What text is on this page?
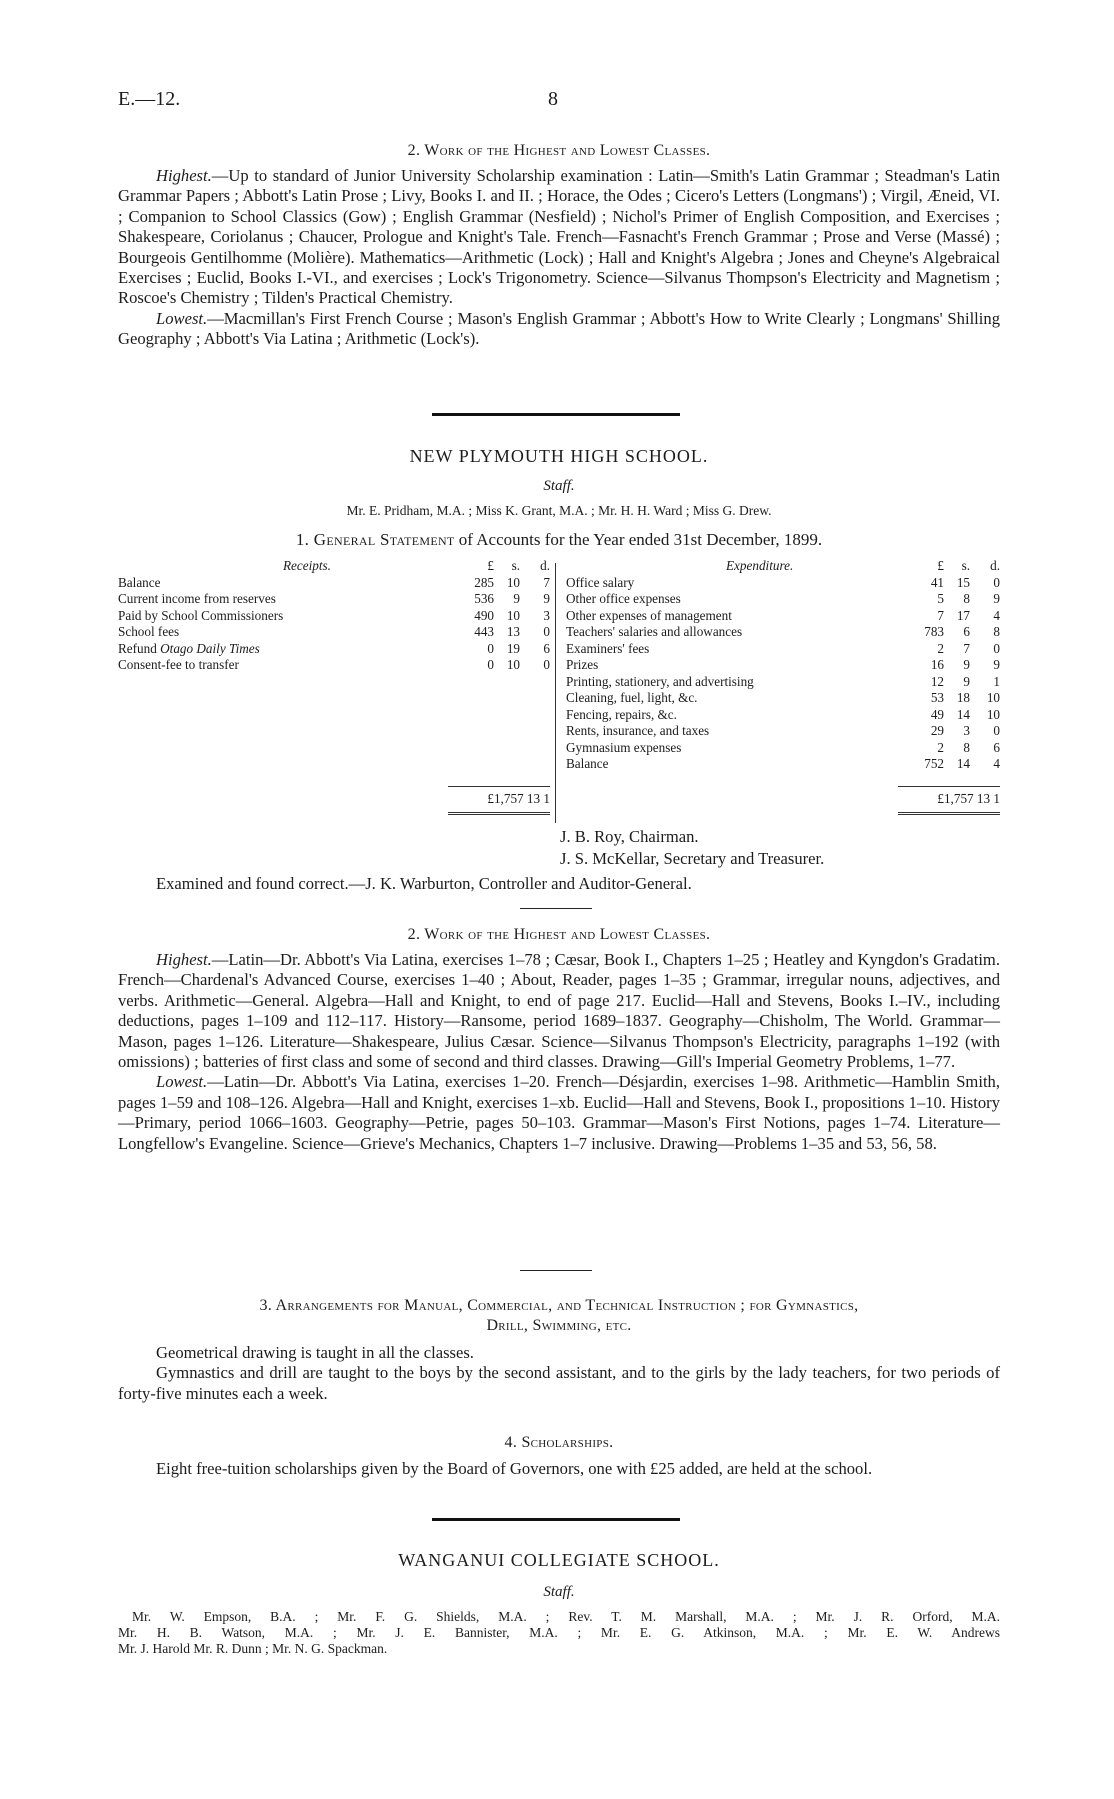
E.—12.	8
2. Work of the Highest and Lowest Classes.

Highest.—Up to standard of Junior University Scholarship examination : Latin—Smith's Latin Grammar ; Steadman's Latin Grammar Papers ; Abbott's Latin Prose ; Livy, Books I. and II. ; Horace, the Odes ; Cicero's Letters (Longmans') ; Virgil, Æneid, VI. ; Companion to School Classics (Gow) ; English Grammar (Nesfield) ; Nichol's Primer of English Composition, and Exercises ; Shakespeare, Coriolanus ; Chaucer, Prologue and Knight's Tale. French—Fasnacht's French Grammar ; Prose and Verse (Massé) ; Bourgeois Gentilhomme (Molière). Mathematics—Arithmetic (Lock) ; Hall and Knight's Algebra ; Jones and Cheyne's Algebraical Exercises ; Euclid, Books I.-VI., and exercises ; Lock's Trigonometry. Science—Silvanus Thompson's Electricity and Magnetism ; Roscoe's Chemistry ; Tilden's Practical Chemistry.

Lowest.—Macmillan's First French Course ; Mason's English Grammar ; Abbott's How to Write Clearly ; Longmans' Shilling Geography ; Abbott's Via Latina ; Arithmetic (Lock's).

NEW PLYMOUTH HIGH SCHOOL.
Staff.
Mr. E. Pridham, M.A. ; Miss K. Grant, M.A. ; Mr. H. H. Ward ; Miss G. Drew.
1. General Statement of Accounts for the Year ended 31st December, 1899.
Receipts.	£	s.	d.
Balance	285	10	7
Current income from reserves	536	9	9
Paid by School Commissioners	490	10	3
School fees	443	13	0
Refund Otago Daily Times	0	19	6
Consent-fee to transfer	0	10	0
Expenditure.	£	s.	d.
Office salary	41	15	0
Other office expenses	5	8	9
Other expenses of management	7	17	4
Teachers' salaries and allowances	783	6	8
Examiners' fees	2	7	0
Prizes	16	9	9
Printing, stationery, and advertising	12	9	1
Cleaning, fuel, light, &c.	53	18	10
Fencing, repairs, &c.	49	14	10
Rents, insurance, and taxes	29	3	0
Gymnasium expenses	2	8	6
Balance	752	14	4
£1,757 13 1	£1,757 13 1
J. B. Roy, Chairman.
J. S. McKellar, Secretary and Treasurer.
Examined and found correct.—J. K. Warburton, Controller and Auditor-General.
2. Work of the Highest and Lowest Classes.

Highest.—Latin—Dr. Abbott's Via Latina, exercises 1–78 ; Cæsar, Book I., Chapters 1–25 ; Heatley and Kyngdon's Gradatim. French—Chardenal's Advanced Course, exercises 1–40 ; About, Reader, pages 1–35 ; Grammar, irregular nouns, adjectives, and verbs. Arithmetic—General. Algebra—Hall and Knight, to end of page 217. Euclid—Hall and Stevens, Books I.–IV., including deductions, pages 1–109 and 112–117. History—Ransome, period 1689–1837. Geography—Chisholm, The World. Grammar—Mason, pages 1–126. Literature—Shakespeare, Julius Cæsar. Science—Silvanus Thompson's Electricity, paragraphs 1–192 (with omissions) ; batteries of first class and some of second and third classes. Drawing—Gill's Imperial Geometry Problems, 1–77.

Lowest.—Latin—Dr. Abbott's Via Latina, exercises 1–20. French—Désjardin, exercises 1–98. Arithmetic—Hamblin Smith, pages 1–59 and 108–126. Algebra—Hall and Knight, exercises 1–xb. Euclid—Hall and Stevens, Book I., propositions 1–10. History—Primary, period 1066–1603. Geography—Petrie, pages 50–103. Grammar—Mason's First Notions, pages 1–74. Literature—Longfellow's Evangeline. Science—Grieve's Mechanics, Chapters 1–7 inclusive. Drawing—Problems 1–35 and 53, 56, 58.

3. Arrangements for Manual, Commercial, and Technical Instruction ; for Gymnastics,
Drill, Swimming, etc.

Geometrical drawing is taught in all the classes.

Gymnastics and drill are taught to the boys by the second assistant, and to the girls by the lady teachers, for two periods of forty-five minutes each a week.

4. Scholarships.

Eight free-tuition scholarships given by the Board of Governors, one with £25 added, are held at the school.

WANGANUI COLLEGIATE SCHOOL.
Staff.
Mr. W. Empson, B.A. ; Mr. F. G. Shields, M.A. ; Rev. T. M. Marshall, M.A. ; Mr. J. R. Orford, M.A.
Mr. H. B. Watson, M.A. ; Mr. J. E. Bannister, M.A. ; Mr. E. G. Atkinson, M.A. ; Mr. E. W. Andrews
Mr. J. Harold Mr. R. Dunn ; Mr. N. G. Spackman.
